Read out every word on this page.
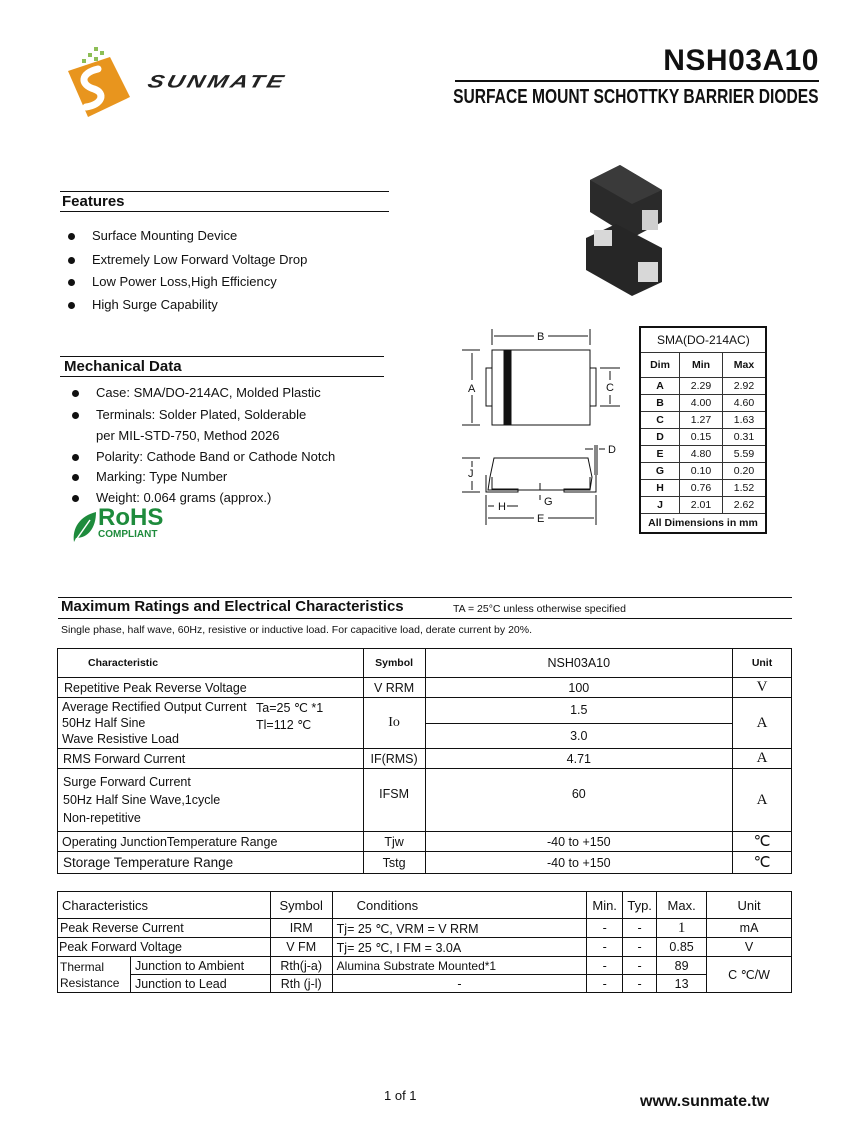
SUNMATE
NSH03A10
SURFACE MOUNT SCHOTTKY BARRIER DIODES
Features
Surface Mounting Device
Extremely Low Forward Voltage Drop
Low Power Loss,High Efficiency
High Surge Capability
Mechanical Data
Case: SMA/DO-214AC, Molded Plastic
Terminals: Solder Plated, Solderable
per MIL-STD-750, Method 2026
Polarity: Cathode Band or Cathode Notch
Marking: Type Number
Weight: 0.064 grams (approx.)
RoHS
COMPLIANT
B
A	C
D
J
G
H
E
SMA(DO-214AC)		
Dim	Min	Max
A	2.29	2.92
B	4.00	4.60
C	1.27	1.63
D	0.15	0.31
E	4.80	5.59
G	0.10	0.20
H	0.76	1.52
J	2.01	2.62
All Dimensions in mm		
Maximum Ratings and Electrical Characteristics	TA = 25°C unless otherwise specified
Single phase, half wave, 60Hz, resistive or inductive load. For capacitive load, derate current by 20%.
Characteristic	Symbol	NSH03A10	Unit
Repetitive Peak Reverse Voltage	V RRM	100	V

Average Rectified Output Current
50Hz Half Sine
Wave Resistive Load
Ta=25 ℃ *1
Tl=112 ℃	Io	1.5	A
		3.0	
RMS Forward Current	IF(RMS)	4.71	A

Surge Forward Current
50Hz Half Sine Wave,1cycle
Non-repetitive	IFSM	60	A
Operating JunctionTemperature Range	Tjw	-40 to +150	℃
Storage Temperature Range	Tstg	-40 to +150	℃
Characteristics		Symbol	Conditions	Min.	Typ.	Max.	Unit
Peak Reverse Current		IRM	Tj= 25 ℃, VRM = V RRM	-	-	1	mA
Peak Forward Voltage		V FM	Tj= 25 ℃, I FM = 3.0A	-	-	0.85	V
Thermal
Resistance	Junction to Ambient	Rth(j-a)	Alumina Substrate Mounted*1	-	-	89	C ℃/W
	Junction to Lead	Rth (j-l)	-	-	-	13	
1 of 1	www.sunmate.tw
